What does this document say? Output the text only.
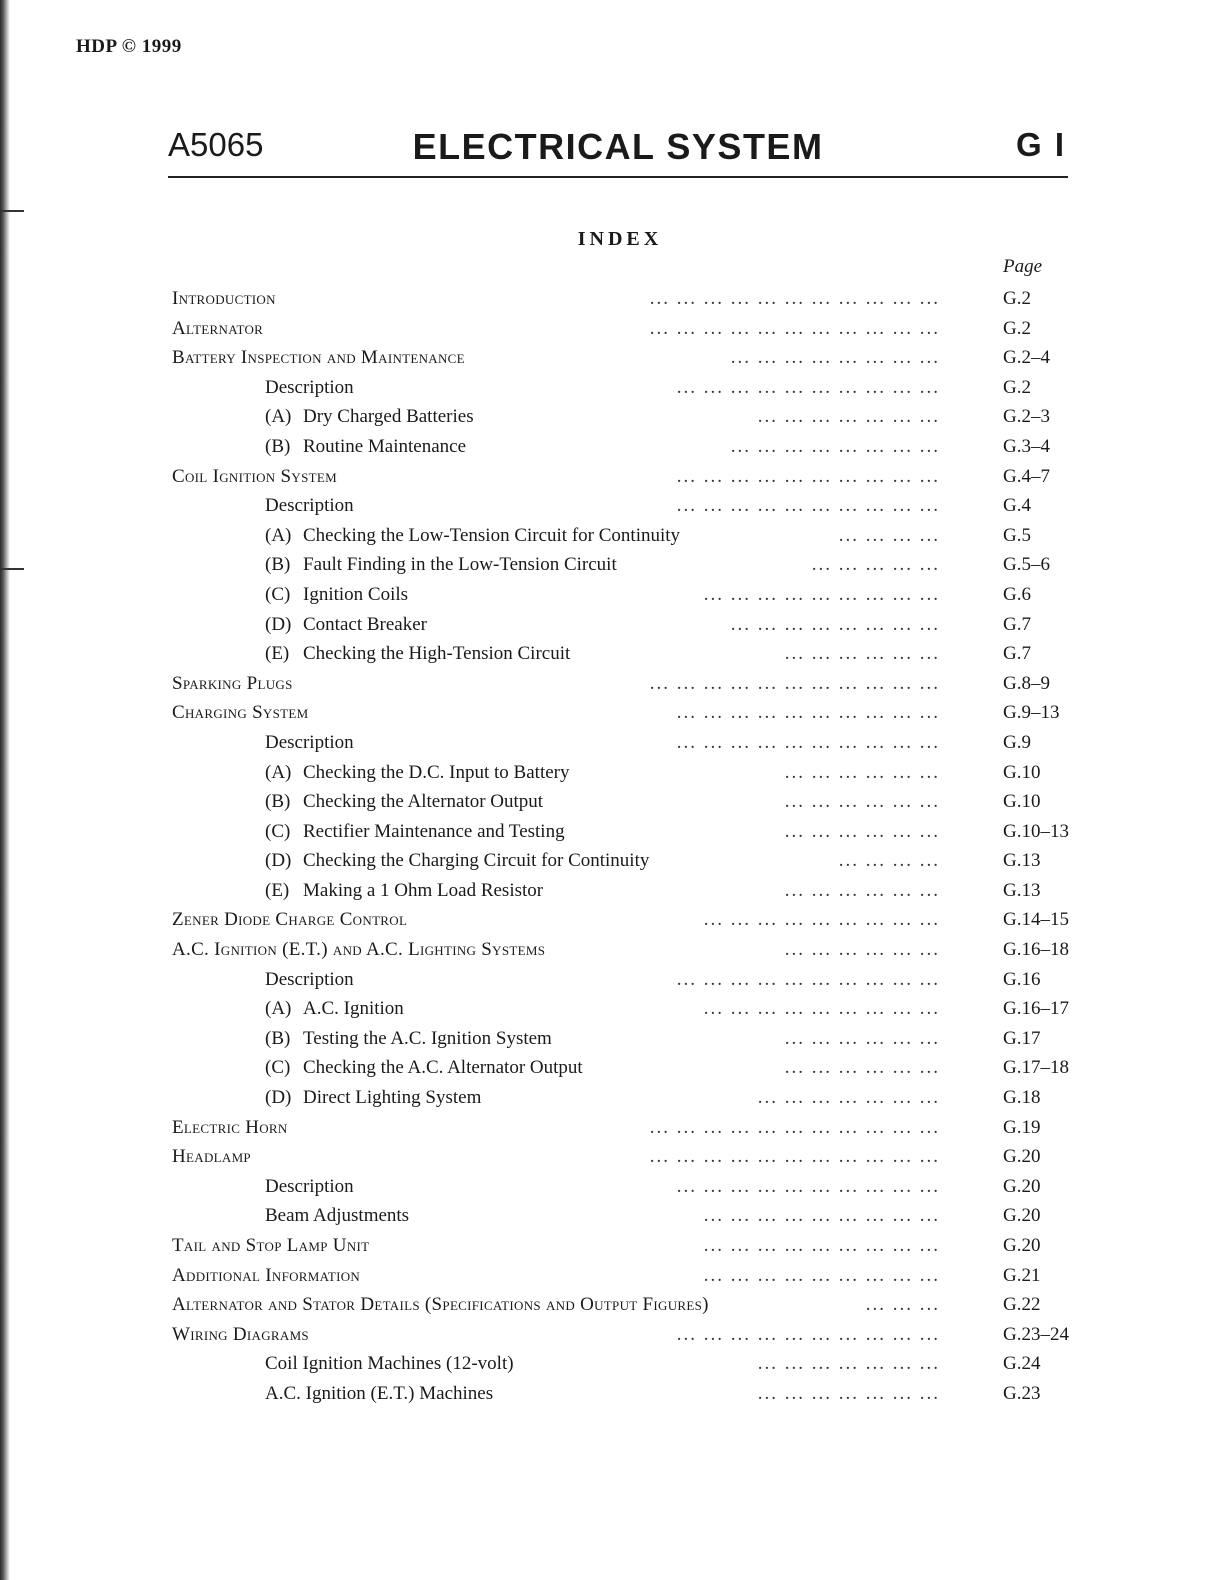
HDP © 1999
A5065	ELECTRICAL SYSTEM	G I
INDEX
Page
Introduction	... ... ... ... ... ... ... ... ... ... ...	G.2
Alternator	... ... ... ... ... ... ... ... ... ... ...	G.2
Battery Inspection and Maintenance	... ... ... ... ... ... ... ...	G.2–4
Description	... ... ... ... ... ... ... ... ... ...	G.2
(A) Dry Charged Batteries	... ... ... ... ... ... ...	G.2–3
(B) Routine Maintenance	... ... ... ... ... ... ... ...	G.3–4
Coil Ignition System	... ... ... ... ... ... ... ... ... ...	G.4–7
Description	... ... ... ... ... ... ... ... ... ...	G.4
(A) Checking the Low-Tension Circuit for Continuity	... ... ... ...	G.5
(B) Fault Finding in the Low-Tension Circuit	... ... ... ... ...	G.5–6
(C) Ignition Coils	... ... ... ... ... ... ... ... ...	G.6
(D) Contact Breaker	... ... ... ... ... ... ... ...	G.7
(E) Checking the High-Tension Circuit	... ... ... ... ... ...	G.7
Sparking Plugs	... ... ... ... ... ... ... ... ... ... ...	G.8–9
Charging System	... ... ... ... ... ... ... ... ... ...	G.9–13
Description	... ... ... ... ... ... ... ... ... ...	G.9
(A) Checking the D.C. Input to Battery	... ... ... ... ... ...	G.10
(B) Checking the Alternator Output	... ... ... ... ... ...	G.10
(C) Rectifier Maintenance and Testing	... ... ... ... ... ...	G.10–13
(D) Checking the Charging Circuit for Continuity	... ... ... ...	G.13
(E) Making a 1 Ohm Load Resistor	... ... ... ... ... ...	G.13
Zener Diode Charge Control	... ... ... ... ... ... ... ... ...	G.14–15
A.C. Ignition (E.T.) and A.C. Lighting Systems	... ... ... ... ... ...	G.16–18
Description	... ... ... ... ... ... ... ... ... ...	G.16
(A) A.C. Ignition	... ... ... ... ... ... ... ... ...	G.16–17
(B) Testing the A.C. Ignition System	... ... ... ... ... ...	G.17
(C) Checking the A.C. Alternator Output	... ... ... ... ... ...	G.17–18
(D) Direct Lighting System	... ... ... ... ... ... ...	G.18
Electric Horn	... ... ... ... ... ... ... ... ... ... ...	G.19
Headlamp	... ... ... ... ... ... ... ... ... ... ...	G.20
Description	... ... ... ... ... ... ... ... ... ...	G.20
Beam Adjustments	... ... ... ... ... ... ... ... ...	G.20
Tail and Stop Lamp Unit	... ... ... ... ... ... ... ... ...	G.20
Additional Information	... ... ... ... ... ... ... ... ...	G.21
Alternator and Stator Details (Specifications and Output Figures)	... ... ...	G.22
Wiring Diagrams	... ... ... ... ... ... ... ... ... ...	G.23–24
Coil Ignition Machines (12-volt)	... ... ... ... ... ... ...	G.24
A.C. Ignition (E.T.) Machines	... ... ... ... ... ... ...	G.23
